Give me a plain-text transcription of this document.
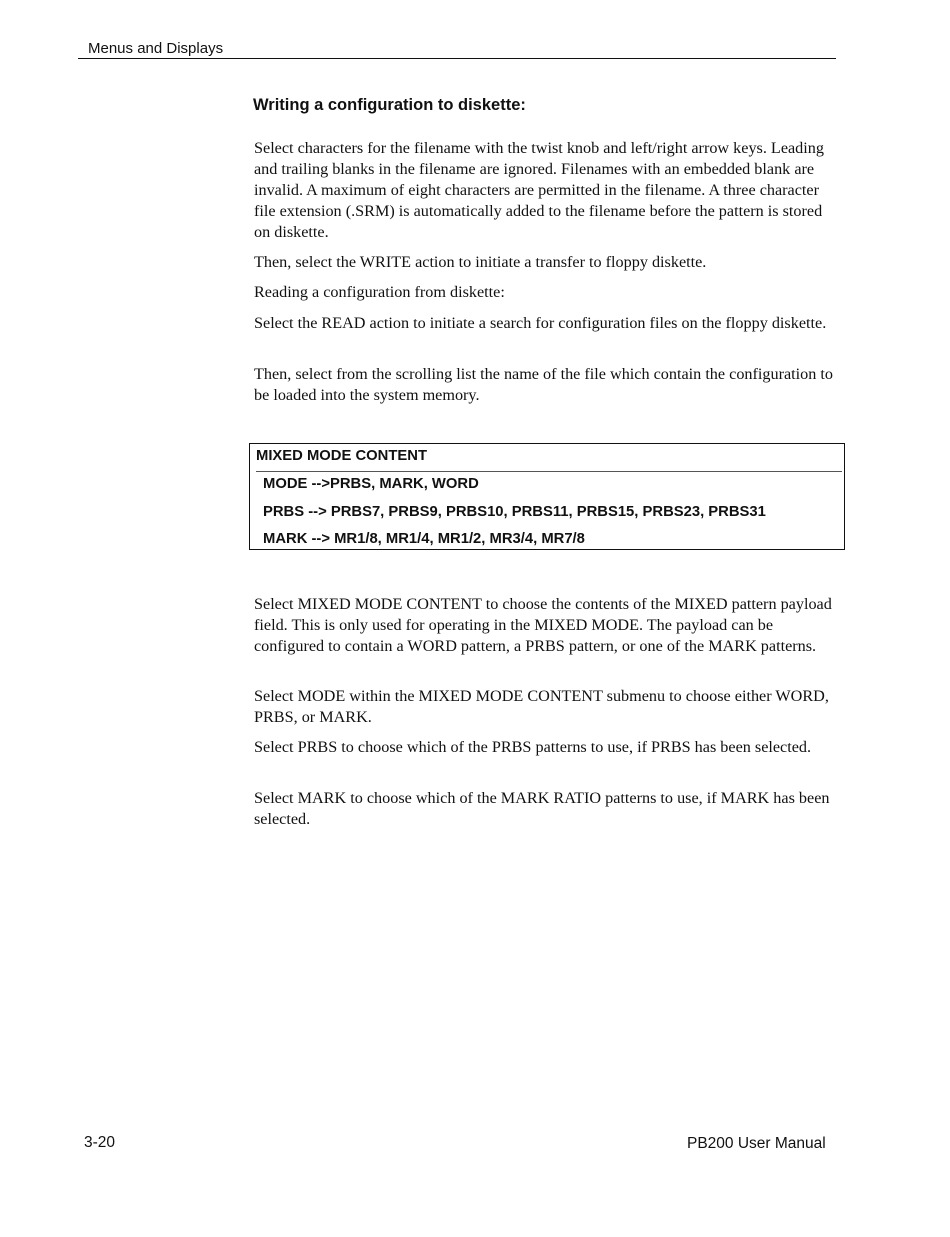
Menus and Displays
Writing a configuration to diskette:

Select characters for the filename with the twist knob and left/right arrow keys. Leading and trailing blanks in the filename are ignored. Filenames with an embedded blank are invalid. A maximum of eight characters are permitted in the filename. A three character file extension (.SRM) is automatically added to the filename before the pattern is stored on diskette.

Then, select the WRITE action to initiate a transfer to floppy diskette.

Reading a configuration from diskette:

Select the READ action to initiate a search for configuration files on the floppy diskette.

Then, select from the scrolling list the name of the file which contain the configuration to be loaded into the system memory.

MIXED MODE CONTENT
MODE -->PRBS, MARK, WORD
PRBS --> PRBS7, PRBS9, PRBS10, PRBS11, PRBS15, PRBS23, PRBS31
MARK --> MR1/8, MR1/4, MR1/2, MR3/4, MR7/8

Select MIXED MODE CONTENT to choose the contents of the MIXED pattern payload field. This is only used for operating in the MIXED MODE. The payload can be configured to contain a WORD pattern, a PRBS pattern, or one of the MARK patterns.

Select MODE within the MIXED MODE CONTENT submenu to choose either WORD, PRBS, or MARK.

Select PRBS to choose which of the PRBS patterns to use, if PRBS has been selected.

Select MARK to choose which of the MARK RATIO patterns to use, if MARK has been selected.

3-20	PB200 User Manual
